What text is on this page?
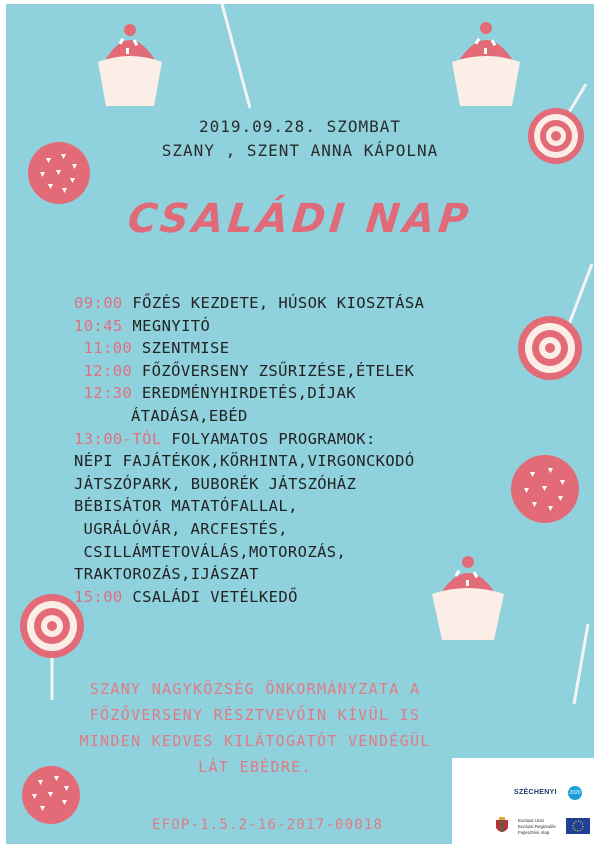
2019.09.28. SZOMBAT

SZANY , SZENT ANNA KÁPOLNA

CSALÁDI NAP
09:00 FŐZÉS KEZDETE, HÚSOK KIOSZTÁSA
10:45 MEGNYITÓ
11:00 SZENTMISE
12:00 FŐZŐVERSENY ZSŰRIZÉSE,ÉTELEK
12:30 EREDMÉNYHIRDETÉS,DÍJAK
ÁTADÁSA,EBÉD
13:00-TÓL FOLYAMATOS PROGRAMOK:
NÉPI FAJÁTÉKOK,KÖRHINTA,VIRGONCKODÓ
JÁTSZÓPARK, BUBORÉK JÁTSZÓHÁZ
BÉBISÁTOR MATATÓFALLAL,
UGRÁLÓVÁR, ARCFESTÉS,
CSILLÁMTETOVÁLÁS,MOTOROZÁS,
TRAKTOROZÁS,IJÁSZAT
15:00 CSALÁDI VETÉLKEDŐ
SZANY NAGYKÖZSÉG ÖNKORMÁNYZATA A
FŐZŐVERSENY RÉSZTVEVŐIN KÍVÜL IS
MINDEN KEDVES KILÁTOGATÓT VENDÉGÜL
LÁT EBÉDRE.
EFOP-1.5.2-16-2017-00018
SZÉCHENYI	2020
Európai Unió
Európai Regionális
Fejlesztési Alap
